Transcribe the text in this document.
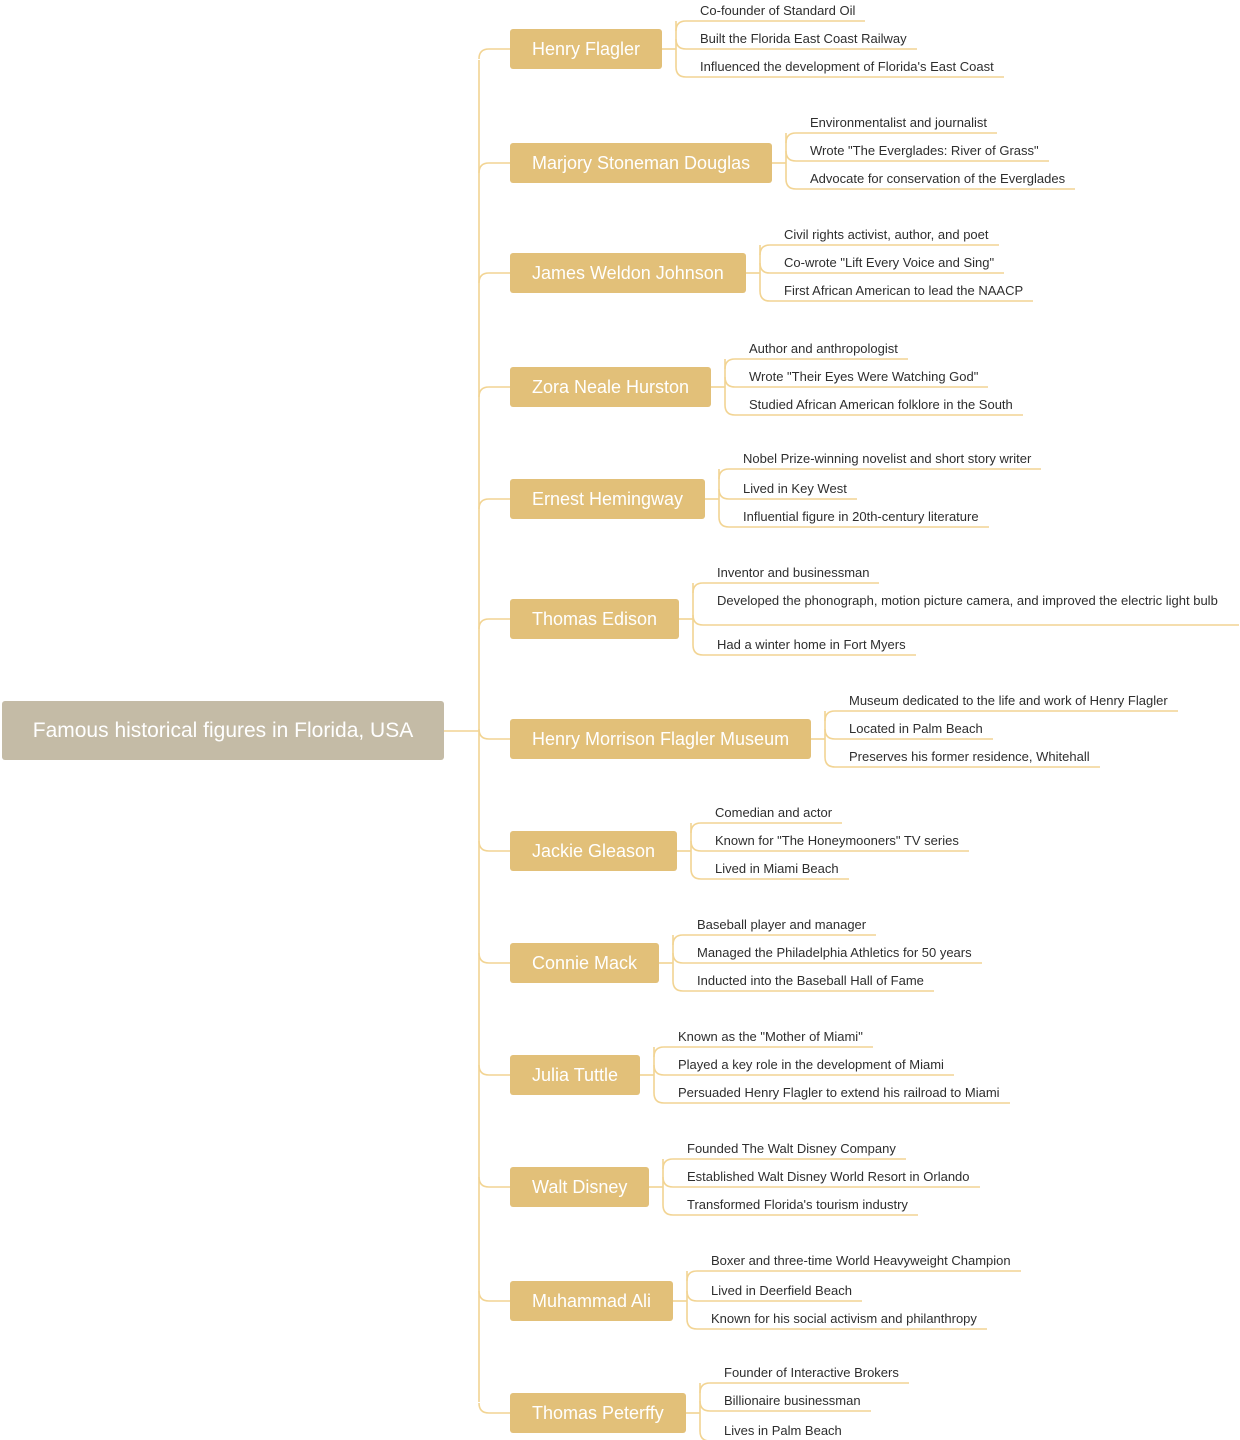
Famous historical figures in Florida, USA
Henry Flagler
Co-founder of Standard Oil
Built the Florida East Coast Railway
Influenced the development of Florida's East Coast
Marjory Stoneman Douglas
Environmentalist and journalist
Wrote "The Everglades: River of Grass"
Advocate for conservation of the Everglades
James Weldon Johnson
Civil rights activist, author, and poet
Co-wrote "Lift Every Voice and Sing"
First African American to lead the NAACP
Zora Neale Hurston
Author and anthropologist
Wrote "Their Eyes Were Watching God"
Studied African American folklore in the South
Ernest Hemingway
Nobel Prize-winning novelist and short story writer
Lived in Key West
Influential figure in 20th-century literature
Thomas Edison
Inventor and businessman
Developed the phonograph, motion picture camera, and improved the electric light bulb
Had a winter home in Fort Myers
Henry Morrison Flagler Museum
Museum dedicated to the life and work of Henry Flagler
Located in Palm Beach
Preserves his former residence, Whitehall
Jackie Gleason
Comedian and actor
Known for "The Honeymooners" TV series
Lived in Miami Beach
Connie Mack
Baseball player and manager
Managed the Philadelphia Athletics for 50 years
Inducted into the Baseball Hall of Fame
Julia Tuttle
Known as the "Mother of Miami"
Played a key role in the development of Miami
Persuaded Henry Flagler to extend his railroad to Miami
Walt Disney
Founded The Walt Disney Company
Established Walt Disney World Resort in Orlando
Transformed Florida's tourism industry
Muhammad Ali
Boxer and three-time World Heavyweight Champion
Lived in Deerfield Beach
Known for his social activism and philanthropy
Thomas Peterffy
Founder of Interactive Brokers
Billionaire businessman
Lives in Palm Beach
